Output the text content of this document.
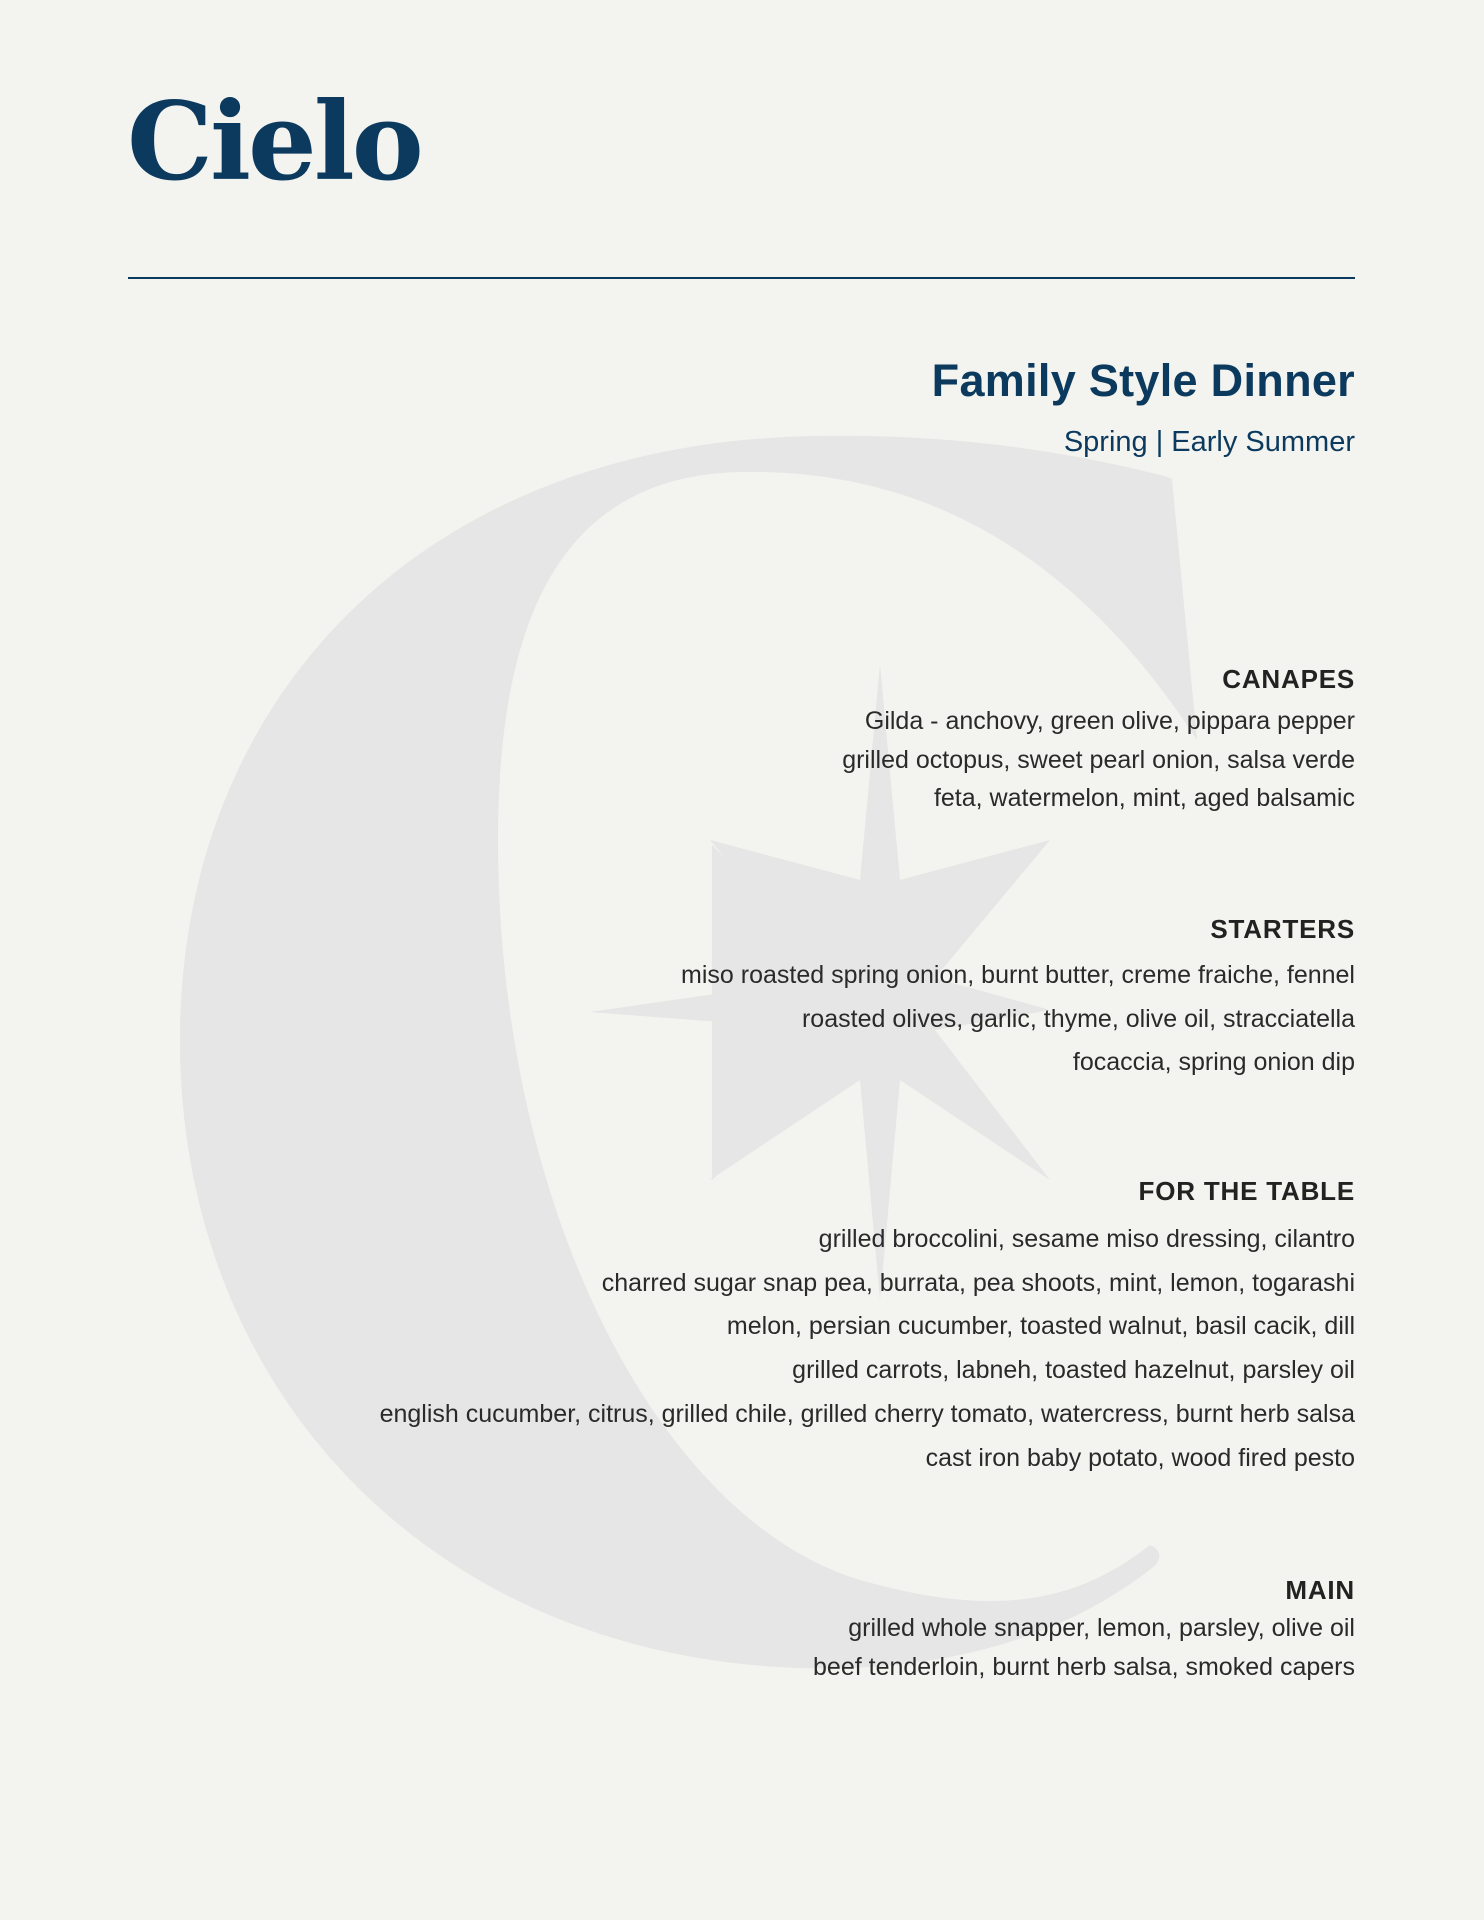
Cielo
Family Style Dinner
Spring | Early Summer
CANAPES
Gilda - anchovy, green olive, pippara pepper
grilled octopus, sweet pearl onion, salsa verde
feta, watermelon, mint, aged balsamic
STARTERS
miso roasted spring onion, burnt butter, creme fraiche, fennel
roasted olives, garlic, thyme, olive oil, stracciatella
focaccia, spring onion dip
FOR THE TABLE
grilled broccolini, sesame miso dressing, cilantro
charred sugar snap pea, burrata, pea shoots, mint, lemon, togarashi
melon, persian cucumber, toasted walnut, basil cacik, dill
grilled carrots, labneh, toasted hazelnut, parsley oil
english cucumber, citrus, grilled chile, grilled cherry tomato, watercress, burnt herb salsa
cast iron baby potato, wood fired pesto
MAIN
grilled whole snapper, lemon, parsley, olive oil
beef tenderloin, burnt herb salsa, smoked capers
